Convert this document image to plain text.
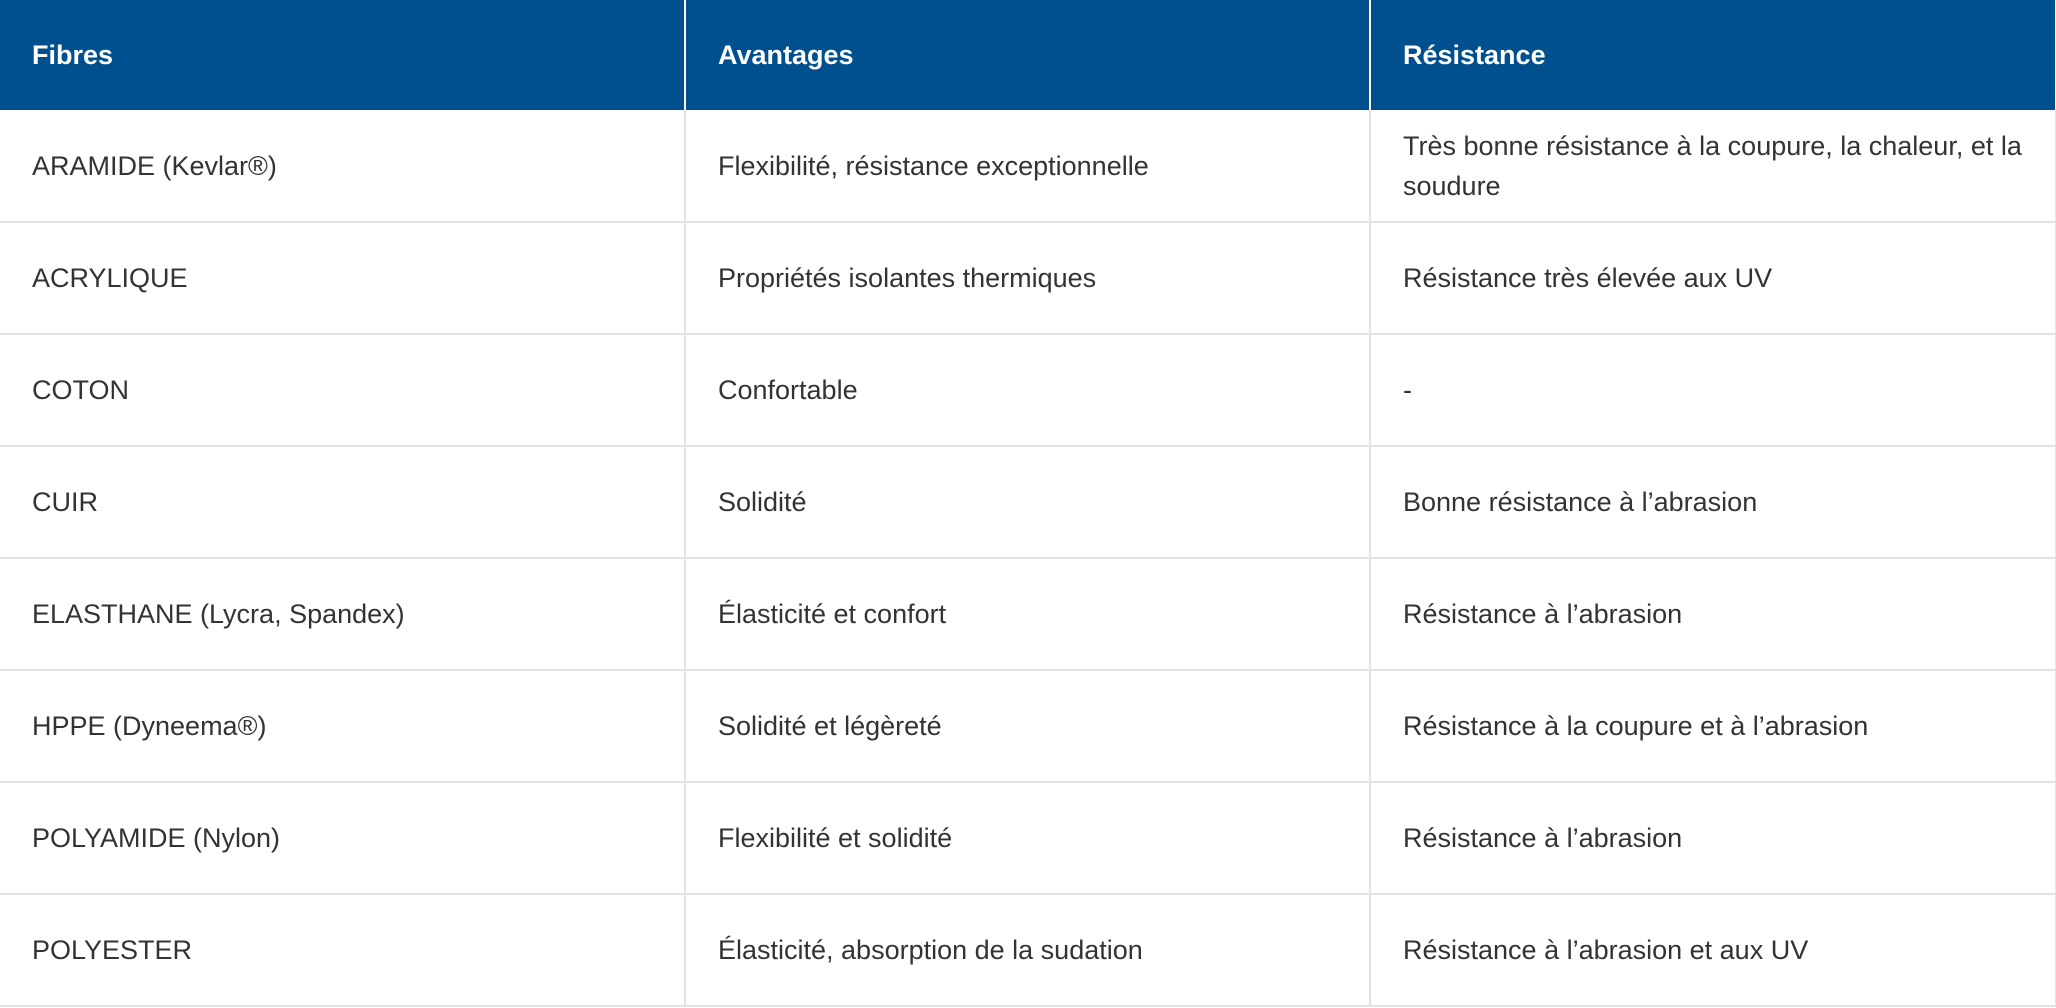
Fibres	Avantages	Résistance
ARAMIDE (Kevlar®)	Flexibilité, résistance exceptionnelle	Très bonne résistance à la coupure, la chaleur, et la soudure
ACRYLIQUE	Propriétés isolantes thermiques	Résistance très élevée aux UV
COTON	Confortable	-
CUIR	Solidité	Bonne résistance à l’abrasion
ELASTHANE (Lycra, Spandex)	Élasticité et confort	Résistance à l’abrasion
HPPE (Dyneema®)	Solidité et légèreté	Résistance à la coupure et à l’abrasion
POLYAMIDE (Nylon)	Flexibilité et solidité	Résistance à l’abrasion
POLYESTER	Élasticité, absorption de la sudation	Résistance à l’abrasion et aux UV
